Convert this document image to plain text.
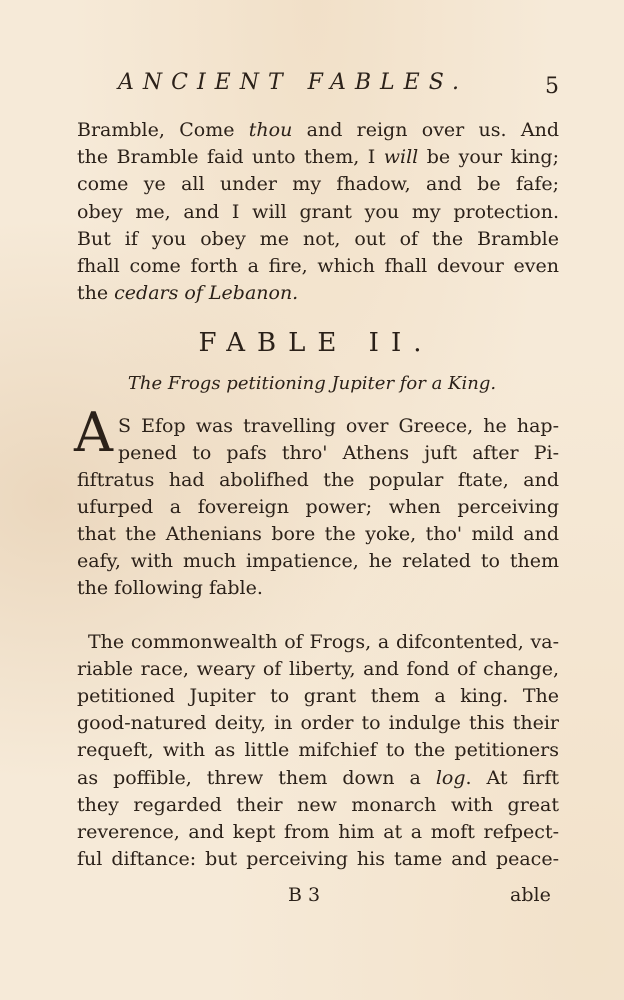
ANCIENT FABLES.	5
Bramble, Come thou and reign over us. And
the Bramble faid unto them, I will be your king;
come ye all under my fhadow, and be fafe;
obey me, and I will grant you my protection.
But if you obey me not, out of the Bramble
fhall come forth a fire, which fhall devour even
the cedars of Lebanon.
FABLE II.
The Frogs petitioning Jupiter for a King.
A S Efop was travelling over Greece, he hap-
pened to pafs thro' Athens juft after Pi-
fiftratus had abolifhed the popular ftate, and
ufurped a fovereign power; when perceiving
that the Athenians bore the yoke, tho' mild and
eafy, with much impatience, he related to them
the following fable.
The commonwealth of Frogs, a difcontented, va-
riable race, weary of liberty, and fond of change,
petitioned Jupiter to grant them a king. The
good-natured deity, in order to indulge this their
requeft, with as little mifchief to the petitioners
as poffible, threw them down a log. At firft
they regarded their new monarch with great
reverence, and kept from him at a moft refpect-
ful diftance: but perceiving his tame and peace-
B 3	able
